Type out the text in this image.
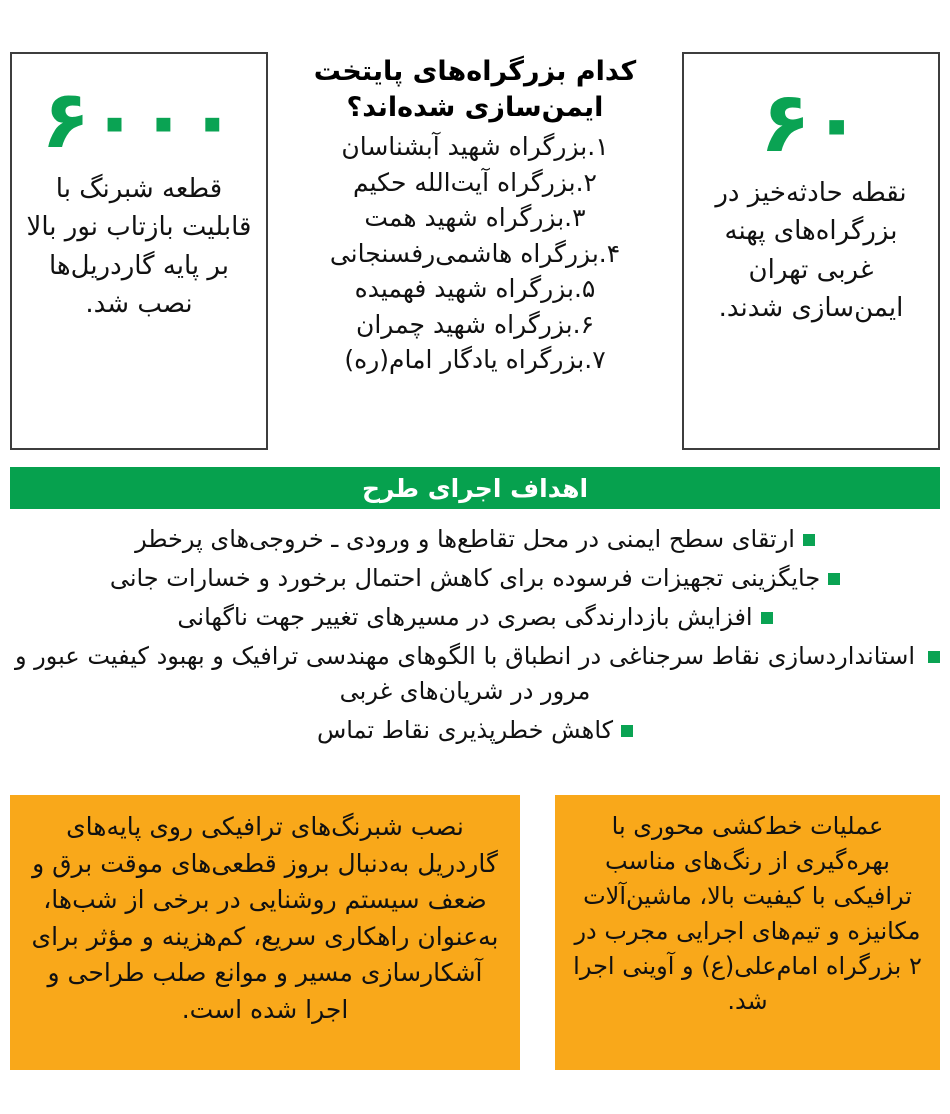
۶۰۰۰
قطعه شبرنگ با قابلیت بازتاب نور بالا بر پایه گاردریل‌ها نصب شد.
کدام بزرگراه‌های پایتخت ایمن‌سازی شده‌اند؟
۱.بزرگراه شهید آبشناسان
۲.بزرگراه آیت‌الله حکیم
۳.بزرگراه شهید همت
۴.بزرگراه هاشمی‌رفسنجانی
۵.بزرگراه شهید فهمیده
۶.بزرگراه شهید چمران
۷.بزرگراه یادگار امام(ره)
۶۰
نقطه حادثه‌خیز در بزرگراه‌های پهنه غربی تهران ایمن‌سازی شدند.
اهداف اجرای طرح
ارتقای سطح ایمنی در محل تقاطع‌ها و ورودی ـ خروجی‌های پرخطر
جایگزینی تجهیزات فرسوده برای کاهش احتمال برخورد و خسارات جانی
افزایش بازدارندگی بصری در مسیرهای تغییر جهت ناگهانی
استانداردسازی نقاط سرجناغی در انطباق با الگوهای مهندسی ترافیک و بهبود کیفیت عبور و مرور در شریان‌های غربی
کاهش خطرپذیری نقاط تماس
نصب شبرنگ‌های ترافیکی روی پایه‌های گاردریل به‌دنبال بروز قطعی‌های موقت برق و ضعف سیستم روشنایی در برخی از شب‌ها، به‌عنوان راهکاری سریع، کم‌هزینه و مؤثر برای آشکارسازی مسیر و موانع صلب طراحی و اجرا شده است.
عملیات خط‌کشی محوری با بهره‌گیری از رنگ‌های مناسب ترافیکی با کیفیت بالا، ماشین‌آلات مکانیزه و تیم‌های اجرایی مجرب در ۲ بزرگراه امام‌علی(ع) و آوینی اجرا شد.
